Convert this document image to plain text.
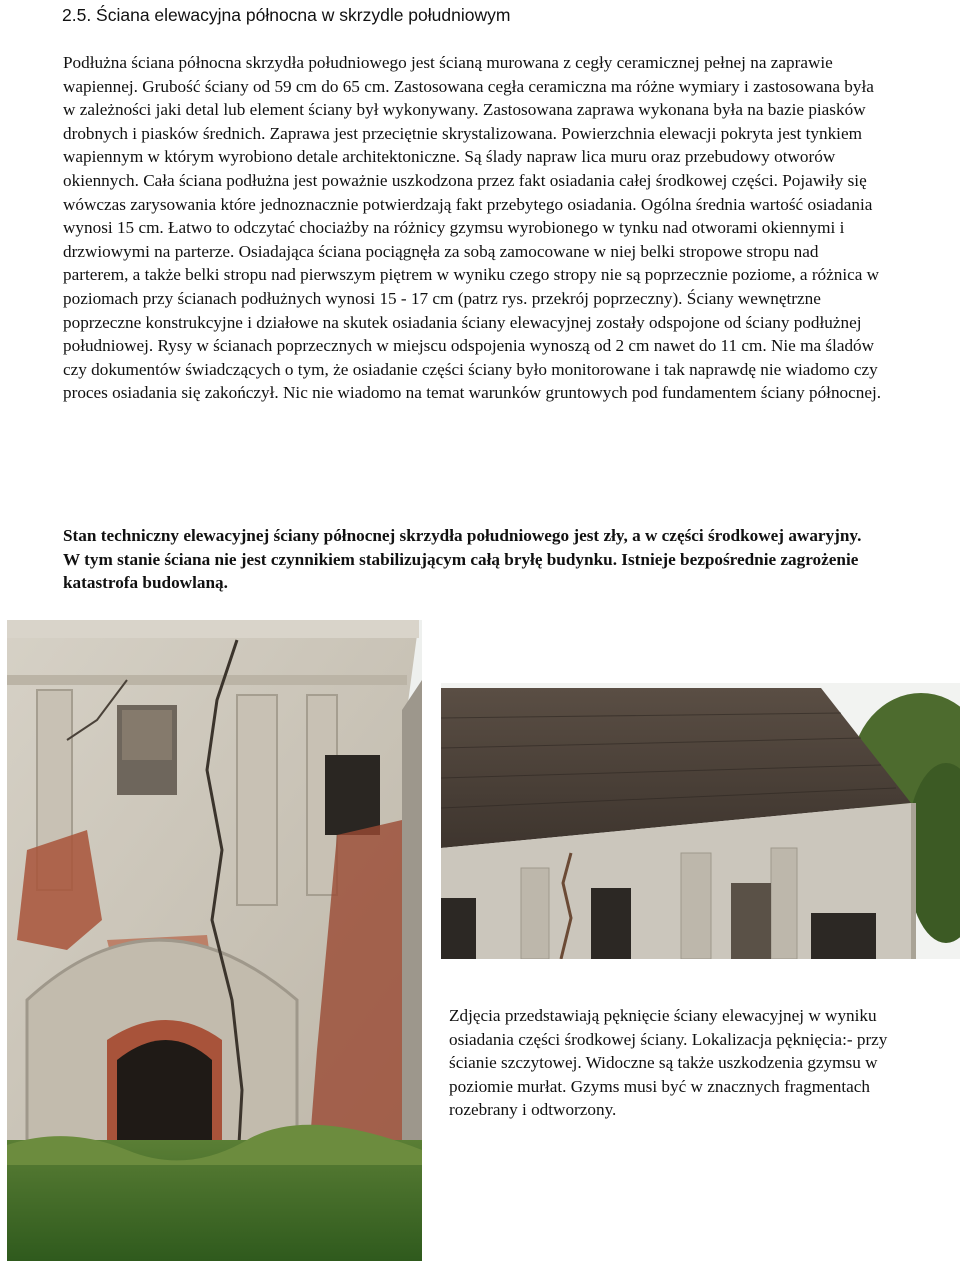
2.5. Ściana elewacyjna północna w skrzydle południowym

Podłużna ściana północna skrzydła południowego jest ścianą murowana z cegły ceramicznej pełnej na zaprawie wapiennej. Grubość ściany od 59 cm do 65 cm. Zastosowana cegła ceramiczna ma różne wymiary i zastosowana była w zależności jaki detal lub element ściany był wykonywany. Zastosowana zaprawa wykonana była na bazie piasków drobnych i piasków średnich. Zaprawa jest przeciętnie skrystalizowana. Powierzchnia elewacji pokryta jest tynkiem wapiennym w którym wyrobiono detale architektoniczne. Są ślady napraw lica muru oraz przebudowy otworów okiennych. Cała ściana podłużna jest poważnie uszkodzona przez fakt osiadania całej środkowej części. Pojawiły się wówczas zarysowania które jednoznacznie potwierdzają fakt przebytego osiadania. Ogólna średnia wartość osiadania wynosi 15 cm. Łatwo to odczytać chociażby na różnicy gzymsu wyrobionego w tynku nad otworami okiennymi i drzwiowymi na parterze. Osiadająca ściana pociągnęła za sobą zamocowane w niej belki stropowe stropu nad parterem, a także belki stropu nad pierwszym piętrem w wyniku czego stropy nie są poprzecznie poziome, a różnica w poziomach przy ścianach podłużnych wynosi 15 - 17 cm (patrz rys. przekrój poprzeczny). Ściany wewnętrzne poprzeczne konstrukcyjne i działowe na skutek osiadania ściany elewacyjnej zostały odspojone od ściany podłużnej południowej. Rysy w ścianach poprzecznych w miejscu odspojenia wynoszą od 2 cm nawet do 11 cm. Nie ma śladów czy dokumentów świadczących o tym, że osiadanie części ściany było monitorowane i tak naprawdę nie wiadomo czy proces osiadania się zakończył. Nic nie wiadomo na temat warunków gruntowych pod fundamentem ściany północnej.

Stan techniczny elewacyjnej ściany północnej skrzydła południowego jest zły, a w części środkowej awaryjny. W tym stanie ściana nie jest czynnikiem stabilizującym całą bryłę budynku. Istnieje bezpośrednie zagrożenie katastrofa budowlaną.

Zdjęcia przedstawiają pęknięcie ściany elewacyjnej w wyniku osiadania części środkowej ściany. Lokalizacja pęknięcia:- przy ścianie szczytowej. Widoczne są także uszkodzenia gzymsu w poziomie murłat. Gzyms musi być w znacznych fragmentach rozebrany i odtworzony.
